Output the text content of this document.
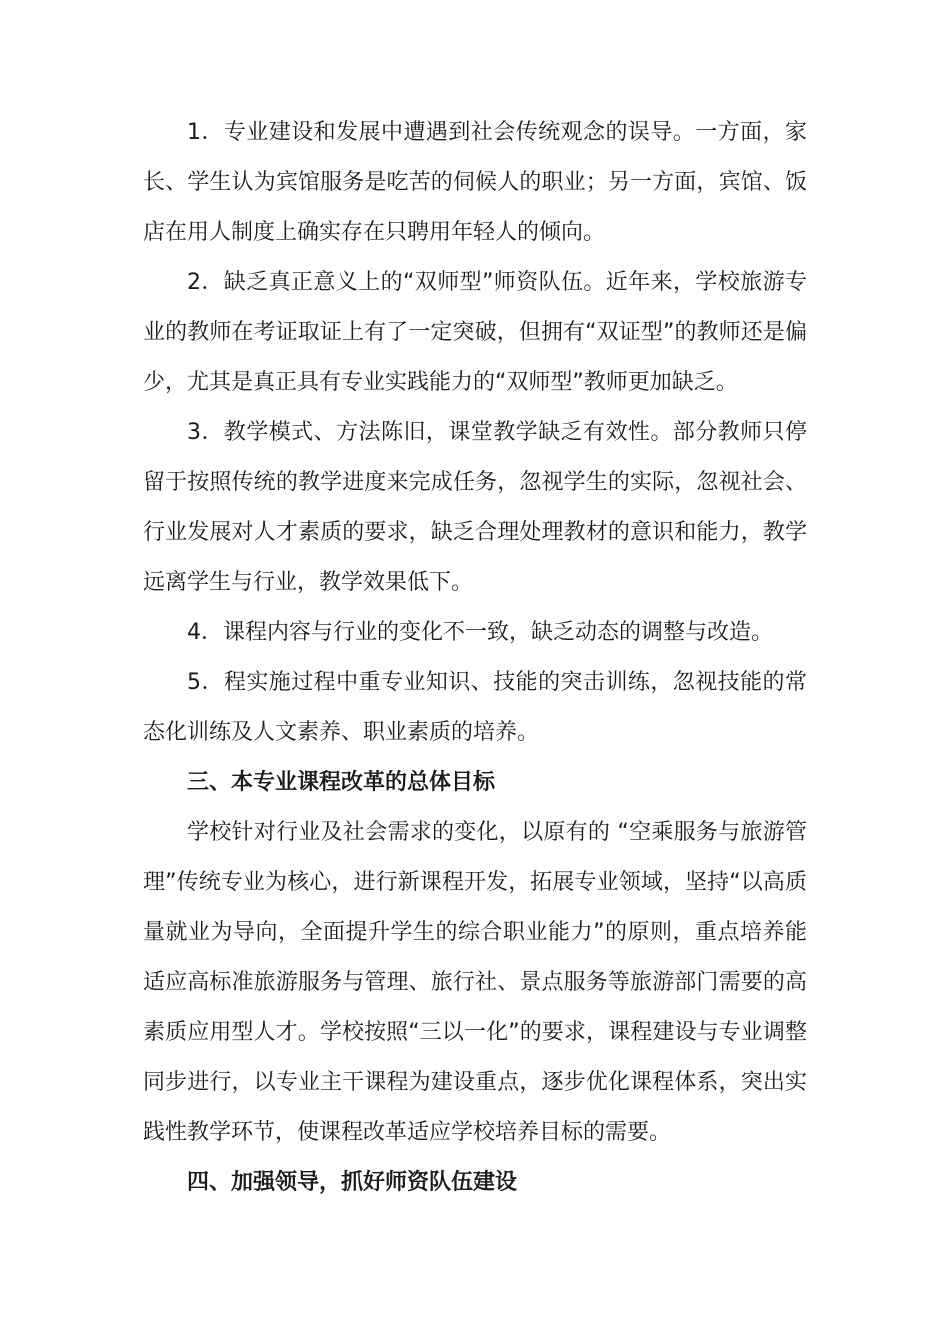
1．专业建设和发展中遭遇到社会传统观念的误导。一方面，家长、学生认为宾馆服务是吃苦的伺候人的职业；另一方面，宾馆、饭店在用人制度上确实存在只聘用年轻人的倾向。

2．缺乏真正意义上的“双师型”师资队伍。近年来，学校旅游专业的教师在考证取证上有了一定突破，但拥有“双证型”的教师还是偏少，尤其是真正具有专业实践能力的“双师型”教师更加缺乏。

3．教学模式、方法陈旧，课堂教学缺乏有效性。部分教师只停留于按照传统的教学进度来完成任务，忽视学生的实际，忽视社会、行业发展对人才素质的要求，缺乏合理处理教材的意识和能力，教学远离学生与行业，教学效果低下。

4．课程内容与行业的变化不一致，缺乏动态的调整与改造。

5．程实施过程中重专业知识、技能的突击训练，忽视技能的常态化训练及人文素养、职业素质的培养。

三、本专业课程改革的总体目标

学校针对行业及社会需求的变化，以原有的 “空乘服务与旅游管理”传统专业为核心，进行新课程开发，拓展专业领域，坚持“以高质量就业为导向，全面提升学生的综合职业能力”的原则，重点培养能适应高标准旅游服务与管理、旅行社、景点服务等旅游部门需要的高素质应用型人才。学校按照“三以一化”的要求，课程建设与专业调整同步进行，以专业主干课程为建设重点，逐步优化课程体系，突出实践性教学环节，使课程改革适应学校培养目标的需要。

四、加强领导，抓好师资队伍建设
